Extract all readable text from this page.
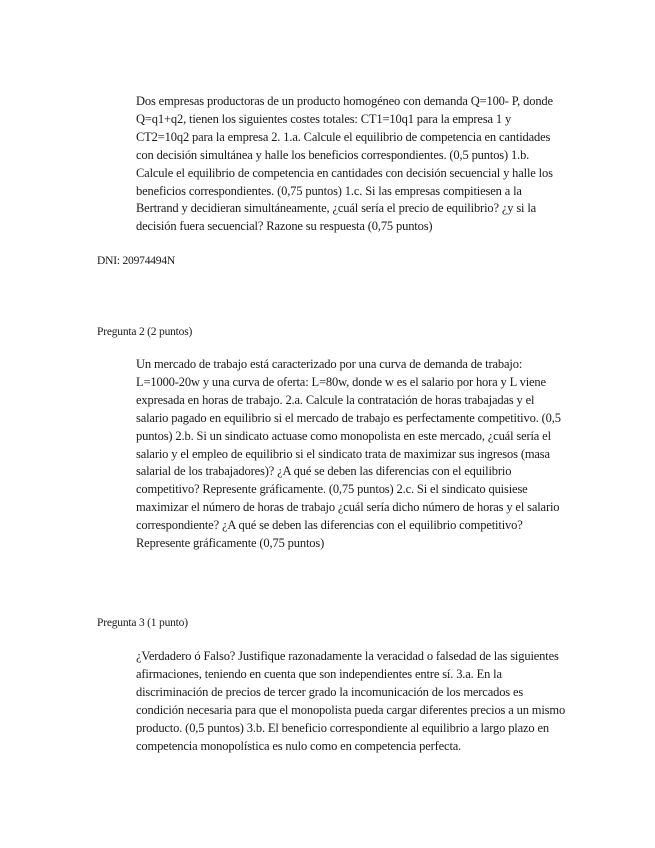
Dos empresas productoras de un producto homogéneo con demanda Q=100- P, donde Q=q1+q2, tienen los siguientes costes totales: CT1=10q1 para la empresa 1 y CT2=10q2 para la empresa 2. 1.a. Calcule el equilibrio de competencia en cantidades con decisión simultánea y halle los beneficios correspondientes. (0,5 puntos) 1.b. Calcule el equilibrio de competencia en cantidades con decisión secuencial y halle los beneficios correspondientes. (0,75 puntos) 1.c. Si las empresas compitiesen a la Bertrand y decidieran simultáneamente, ¿cuál sería el precio de equilibrio? ¿y si la decisión fuera secuencial? Razone su respuesta (0,75 puntos)

DNI: 20974494N

Pregunta 2 (2 puntos)

Un mercado de trabajo está caracterizado por una curva de demanda de trabajo: L=1000-20w y una curva de oferta: L=80w, donde w es el salario por hora y L viene expresada en horas de trabajo. 2.a. Calcule la contratación de horas trabajadas y el salario pagado en equilibrio si el mercado de trabajo es perfectamente competitivo. (0,5 puntos) 2.b. Si un sindicato actuase como monopolista en este mercado, ¿cuál sería el salario y el empleo de equilibrio si el sindicato trata de maximizar sus ingresos (masa salarial de los trabajadores)? ¿A qué se deben las diferencias con el equilibrio competitivo? Represente gráficamente. (0,75 puntos) 2.c. Si el sindicato quisiese maximizar el número de horas de trabajo ¿cuál sería dicho número de horas y el salario correspondiente? ¿A qué se deben las diferencias con el equilibrio competitivo? Represente gráficamente (0,75 puntos)

Pregunta 3 (1 punto)

¿Verdadero ó Falso? Justifique razonadamente la veracidad o falsedad de las siguientes afirmaciones, teniendo en cuenta que son independientes entre sí. 3.a. En la discriminación de precios de tercer grado la incomunicación de los mercados es condición necesaria para que el monopolista pueda cargar diferentes precios a un mismo producto. (0,5 puntos) 3.b. El beneficio correspondiente al equilibrio a largo plazo en competencia monopolística es nulo como en competencia perfecta.
